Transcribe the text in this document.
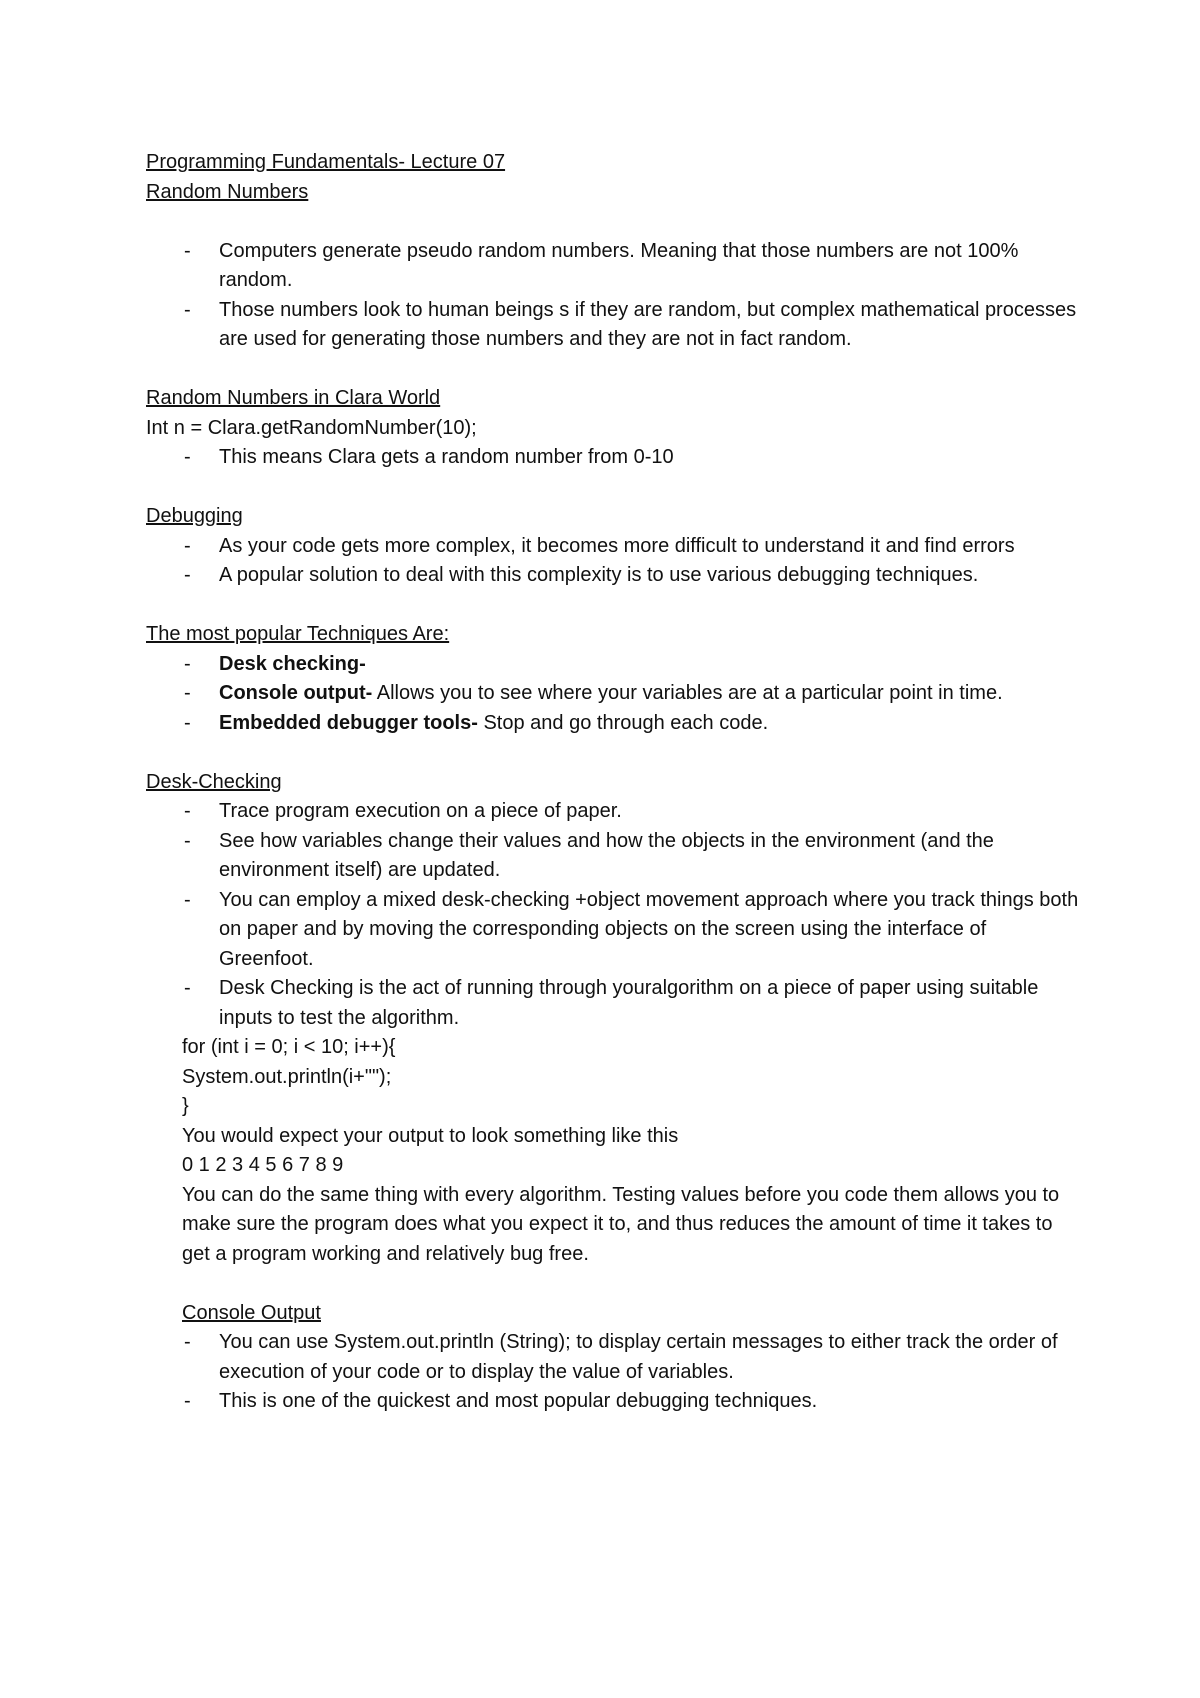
Programming Fundamentals- Lecture 07

Random Numbers

- Computers generate pseudo random numbers. Meaning that those numbers are not 100% random.
- Those numbers look to human beings s if they are random, but complex mathematical processes are used for generating those numbers and they are not in fact random.

Random Numbers in Clara World

Int n = Clara.getRandomNumber(10);

- This means Clara gets a random number from 0-10

Debugging

- As your code gets more complex, it becomes more difficult to understand it and find errors
- A popular solution to deal with this complexity is to use various debugging techniques.

The most popular Techniques Are:

- Desk checking-
- Console output- Allows you to see where your variables are at a particular point in time.
- Embedded debugger tools- Stop and go through each code.

Desk-Checking

- Trace program execution on a piece of paper.
- See how variables change their values and how the objects in the environment (and the environment itself) are updated.
- You can employ a mixed desk-checking +object movement approach where you track things both on paper and by moving the corresponding objects on the screen using the interface of Greenfoot.
- Desk Checking is the act of running through youralgorithm on a piece of paper using suitable inputs to test the algorithm.

for (int i = 0; i < 10; i++){

System.out.println(i+"");

}

You would expect your output to look something like this

0 1 2 3 4 5 6 7 8 9

You can do the same thing with every algorithm. Testing values before you code them allows you to make sure the program does what you expect it to, and thus reduces the amount of time it takes to get a program working and relatively bug free.

Console Output

- You can use System.out.println (String); to display certain messages to either track the order of execution of your code or to display the value of variables.
- This is one of the quickest and most popular debugging techniques.
